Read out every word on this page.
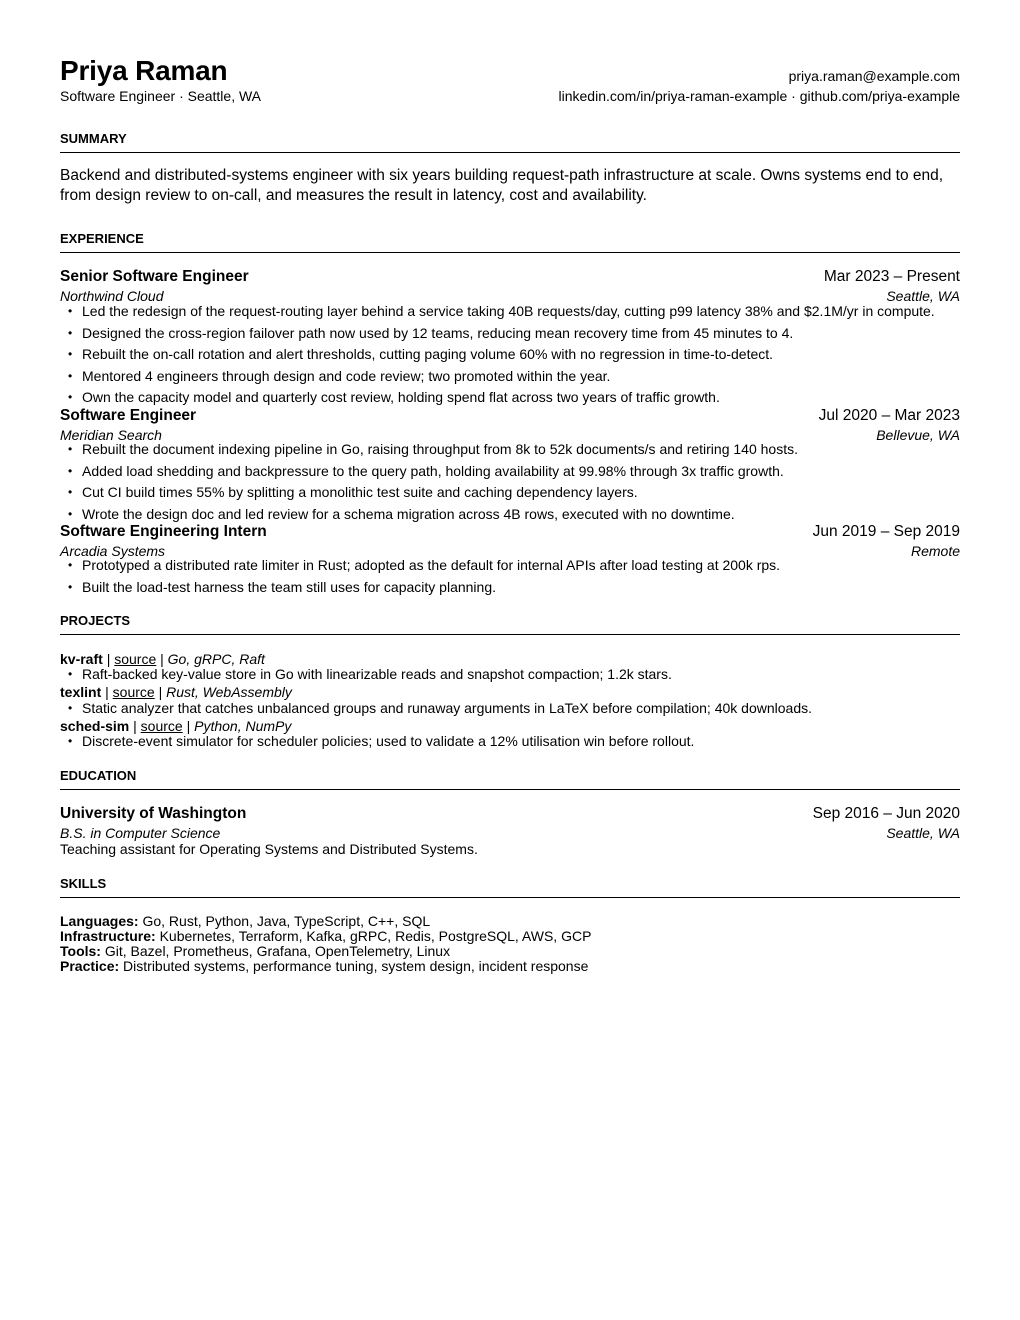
Priya Raman
Software Engineer · Seattle, WA
priya.raman@example.com
linkedin.com/in/priya-raman-example · github.com/priya-example
SUMMARY
Backend and distributed-systems engineer with six years building request-path infrastructure at scale. Owns systems end to end, from design review to on-call, and measures the result in latency, cost and availability.
EXPERIENCE
Senior Software Engineer	Mar 2023 – Present
Northwind Cloud	Seattle, WA
• Led the redesign of the request-routing layer behind a service taking 40B requests/day, cutting p99 latency 38% and $2.1M/yr in compute.
• Designed the cross-region failover path now used by 12 teams, reducing mean recovery time from 45 minutes to 4.
• Rebuilt the on-call rotation and alert thresholds, cutting paging volume 60% with no regression in time-to-detect.
• Mentored 4 engineers through design and code review; two promoted within the year.
• Own the capacity model and quarterly cost review, holding spend flat across two years of traffic growth.
Software Engineer	Jul 2020 – Mar 2023
Meridian Search	Bellevue, WA
• Rebuilt the document indexing pipeline in Go, raising throughput from 8k to 52k documents/s and retiring 140 hosts.
• Added load shedding and backpressure to the query path, holding availability at 99.98% through 3x traffic growth.
• Cut CI build times 55% by splitting a monolithic test suite and caching dependency layers.
• Wrote the design doc and led review for a schema migration across 4B rows, executed with no downtime.
Software Engineering Intern	Jun 2019 – Sep 2019
Arcadia Systems	Remote
• Prototyped a distributed rate limiter in Rust; adopted as the default for internal APIs after load testing at 200k rps.
• Built the load-test harness the team still uses for capacity planning.
PROJECTS
kv-raft | source | Go, gRPC, Raft
• Raft-backed key-value store in Go with linearizable reads and snapshot compaction; 1.2k stars.
texlint | source | Rust, WebAssembly
• Static analyzer that catches unbalanced groups and runaway arguments in LaTeX before compilation; 40k downloads.
sched-sim | source | Python, NumPy
• Discrete-event simulator for scheduler policies; used to validate a 12% utilisation win before rollout.
EDUCATION
University of Washington	Sep 2016 – Jun 2020
B.S. in Computer Science	Seattle, WA
Teaching assistant for Operating Systems and Distributed Systems.
SKILLS
Languages: Go, Rust, Python, Java, TypeScript, C++, SQL
Infrastructure: Kubernetes, Terraform, Kafka, gRPC, Redis, PostgreSQL, AWS, GCP
Tools: Git, Bazel, Prometheus, Grafana, OpenTelemetry, Linux
Practice: Distributed systems, performance tuning, system design, incident response
